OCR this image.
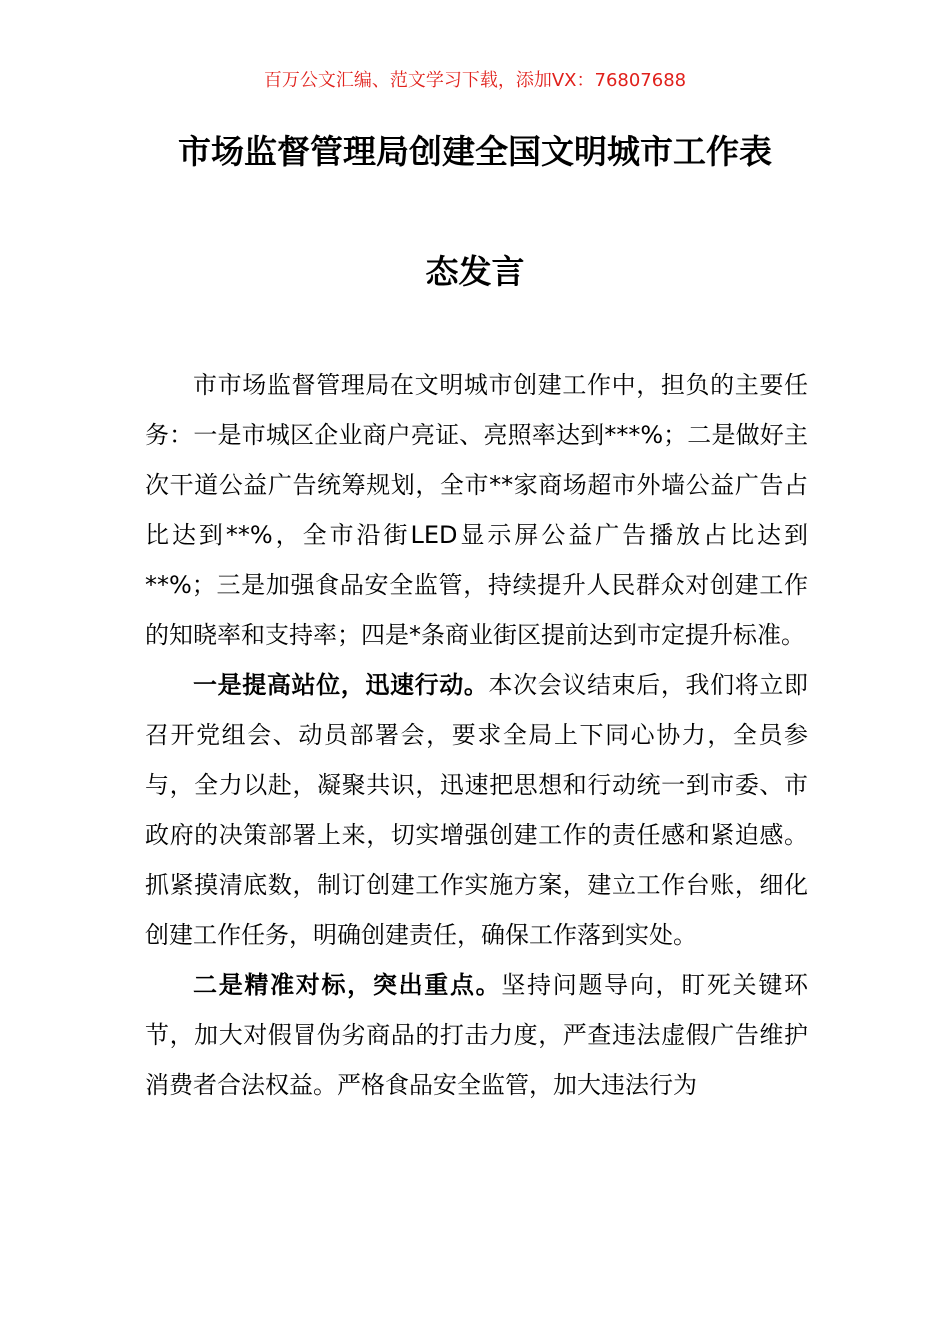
百万公文汇编、范文学习下载，添加VX：76807688
市场监督管理局创建全国文明城市工作表
态发言

市市场监督管理局在文明城市创建工作中，担负的主要任务：一是市城区企业商户亮证、亮照率达到***%；二是做好主次干道公益广告统筹规划，全市**家商场超市外墙公益广告占比达到**%，全市沿街LED显示屏公益广告播放占比达到**%；三是加强食品安全监管，持续提升人民群众对创建工作的知晓率和支持率；四是*条商业街区提前达到市定提升标准。

一是提高站位，迅速行动。本次会议结束后，我们将立即召开党组会、动员部署会，要求全局上下同心协力，全员参与，全力以赴，凝聚共识，迅速把思想和行动统一到市委、市政府的决策部署上来，切实增强创建工作的责任感和紧迫感。抓紧摸清底数，制订创建工作实施方案，建立工作台账，细化创建工作任务，明确创建责任，确保工作落到实处。

二是精准对标，突出重点。坚持问题导向，盯死关键环节，加大对假冒伪劣商品的打击力度，严查违法虚假广告维护消费者合法权益。严格食品安全监管，加大违法行为
